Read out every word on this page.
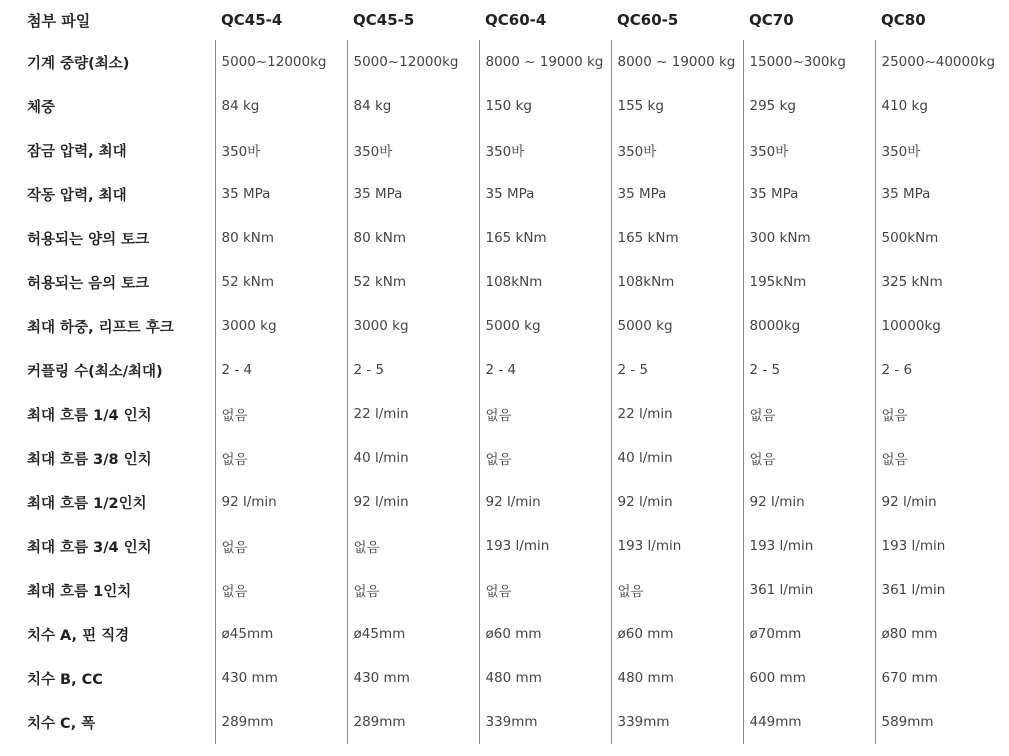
첨부 파일	QC45-4	QC45-5	QC60-4	QC60-5	QC70	QC80
기계 중량(최소)	5000~12000kg	5000~12000kg	8000 ~ 19000 kg	8000 ~ 19000 kg	15000~300kg	25000~40000kg
체중	84 kg	84 kg	150 kg	155 kg	295 kg	410 kg
잠금 압력, 최대	350바	350바	350바	350바	350바	350바
작동 압력, 최대	35 MPa	35 MPa	35 MPa	35 MPa	35 MPa	35 MPa
허용되는 양의 토크	80 kNm	80 kNm	165 kNm	165 kNm	300 kNm	500kNm
허용되는 음의 토크	52 kNm	52 kNm	108kNm	108kNm	195kNm	325 kNm
최대 하중, 리프트 후크	3000 kg	3000 kg	5000 kg	5000 kg	8000kg	10000kg
커플링 수(최소/최대)	2 - 4	2 - 5	2 - 4	2 - 5	2 - 5	2 - 6
최대 흐름 1/4 인치	없음	22 l/min	없음	22 l/min	없음	없음
최대 흐름 3/8 인치	없음	40 l/min	없음	40 l/min	없음	없음
최대 흐름 1/2인치	92 l/min	92 l/min	92 l/min	92 l/min	92 l/min	92 l/min
최대 흐름 3/4 인치	없음	없음	193 l/min	193 l/min	193 l/min	193 l/min
최대 흐름 1인치	없음	없음	없음	없음	361 l/min	361 l/min
치수 A, 핀 직경	ø45mm	ø45mm	ø60 mm	ø60 mm	ø70mm	ø80 mm
치수 B, CC	430 mm	430 mm	480 mm	480 mm	600 mm	670 mm
치수 C, 폭	289mm	289mm	339mm	339mm	449mm	589mm
